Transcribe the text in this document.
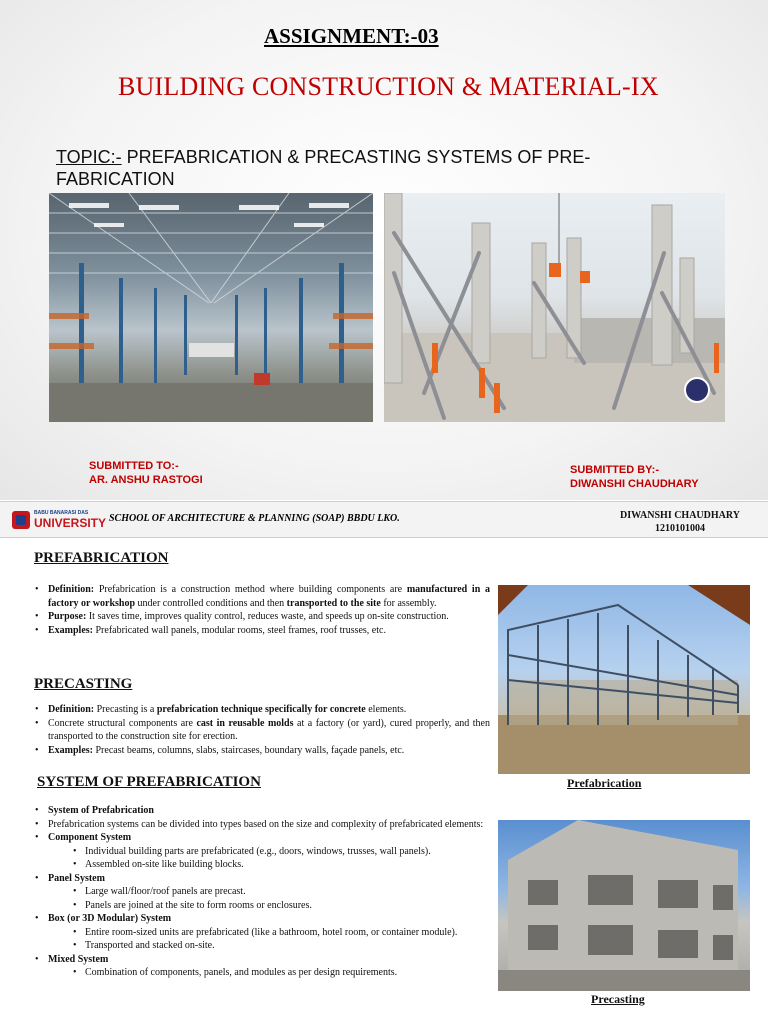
ASSIGNMENT:-03
BUILDING CONSTRUCTION & MATERIAL-IX
TOPIC:- PREFABRICATION & PRECASTING SYSTEMS OF PRE-FABRICATION
SUBMITTED TO:-
AR. ANSHU RASTOGI
SUBMITTED BY:-
DIWANSHI CHAUDHARY
BABU BANARASI DAS
UNIVERSITY SCHOOL OF ARCHITECTURE & PLANNING (SOAP) BBDU LKO.	DIWANSHI CHAUDHARY
1210101004
PREFABRICATION
• Definition: Prefabrication is a construction method where building components are manufactured in a factory or workshop under controlled conditions and then transported to the site for assembly.
• Purpose: It saves time, improves quality control, reduces waste, and speeds up on-site construction.
• Examples: Prefabricated wall panels, modular rooms, steel frames, roof trusses, etc.
PRECASTING
• Definition: Precasting is a prefabrication technique specifically for concrete elements.
• Concrete structural components are cast in reusable molds at a factory (or yard), cured properly, and then transported to the construction site for erection.
• Examples: Precast beams, columns, slabs, staircases, boundary walls, façade panels, etc.
SYSTEM OF PREFABRICATION
• System of Prefabrication
• Prefabrication systems can be divided into types based on the size and complexity of prefabricated elements:
• Component System
• Individual building parts are prefabricated (e.g., doors, windows, trusses, wall panels).
• Assembled on-site like building blocks.
• Panel System
• Large wall/floor/roof panels are precast.
• Panels are joined at the site to form rooms or enclosures.
• Box (or 3D Modular) System
• Entire room-sized units are prefabricated (like a bathroom, hotel room, or container module).
• Transported and stacked on-site.
• Mixed System
• Combination of components, panels, and modules as per design requirements.
Prefabrication
Precasting
